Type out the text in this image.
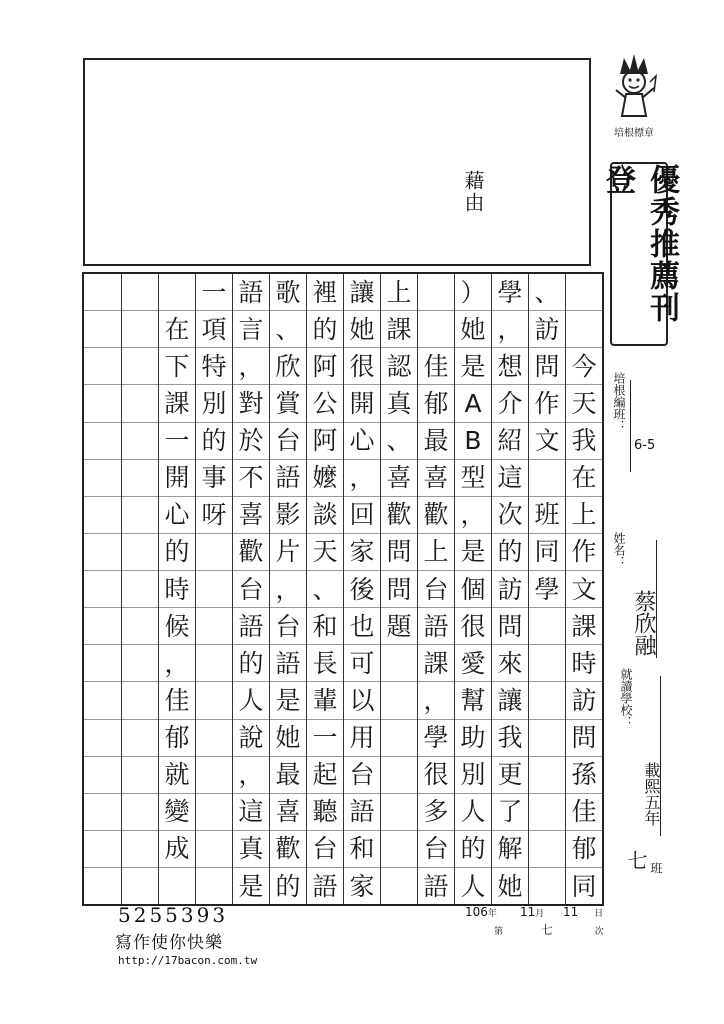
藉由
今
天
我
在
上
作
文
課
時
訪
問
孫
佳
郁
同
、
訪
問
作
文
班
同
學
學
，
想
介
紹
這
次
的
訪
問
來
讓
我
更
了
解
她
）
她
是
A
B
型
，
是
個
很
愛
幫
助
別
人
的
人
佳
郁
最
喜
歡
上
台
語
課
，
學
很
多
台
語
上
課
認
真
、
喜
歡
問
問
題
讓
她
很
開
心
，
回
家
後
也
可
以
用
台
語
和
家
裡
的
阿
公
阿
嬤
談
天
、
和
長
輩
一
起
聽
台
語
歌
、
欣
賞
台
語
影
片
，
台
語
是
她
最
喜
歡
的
語
言
，
對
於
不
喜
歡
台
語
的
人
說
，
這
真
是
一
項
特
別
的
事
呀
在
下
課
一
開
心
的
時
候
，
佳
郁
就
變
成
培根標章
優秀推薦刊登
培根編班：
6-5
姓名：
蔡欣融
就讀學校：
載熙五年
七 班
5255393
寫作使你快樂
http://17bacon.com.tw
106年 11月 11 日
第	七	次
